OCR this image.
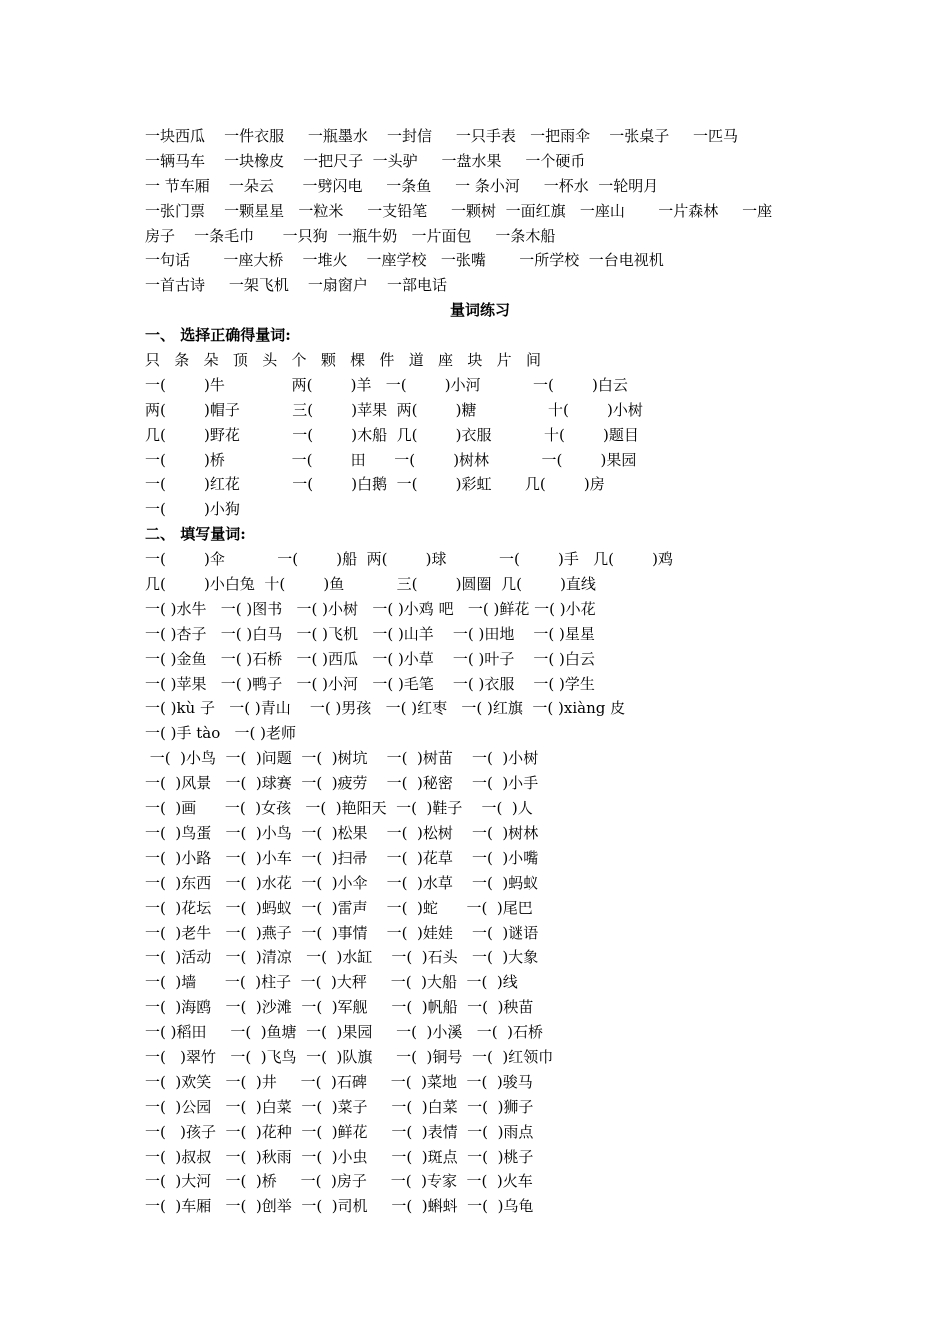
一块西瓜    一件衣服     一瓶墨水    一封信     一只手表   一把雨伞    一张桌子     一匹马
一辆马车    一块橡皮    一把尺子  一头驴     一盘水果     一个硬币
一 节车厢    一朵云      一劈闪电     一条鱼     一 条小河     一杯水  一轮明月
一张门票    一颗星星   一粒米     一支铅笔     一颗树  一面红旗   一座山       一片森林     一座
房子    一条毛巾      一只狗  一瓶牛奶   一片面包     一条木船
一句话       一座大桥    一堆火    一座学校   一张嘴       一所学校  一台电视机
一首古诗     一架飞机    一扇窗户    一部电话
量词练习
一、 选择正确得量词:
只   条   朵   顶   头   个   颗   棵   件   道   座   块   片   间
一(        )牛              两(        )羊   一(        )小河           一(        )白云
两(        )帽子           三(        )苹果  两(        )糖               十(        )小树
几(        )野花           一(        )木船  几(        )衣服           十(        )题目
一(        )桥              一(        田      一(        )树林           一(        )果园
一(        )红花           一(        )白鹅  一(        )彩虹       几(        )房
一(        )小狗
二、 填写量词:
一(        )伞           一(        )船  两(        )球           一(        )手   几(        )鸡
几(        )小白兔  十(        )鱼           三(        )圆圈  几(        )直线
一( )水牛   一( )图书   一( )小树   一( )小鸡 吧   一( )鲜花 一( )小花
一( )杏子   一( )白马   一( )飞机   一( )山羊    一( )田地    一( )星星
一( )金鱼   一( )石桥   一( )西瓜   一( )小草    一( )叶子    一( )白云
一( )苹果   一( )鸭子   一( )小河   一( )毛笔    一( )衣服    一( )学生
一( )kù 子   一( )青山    一( )男孩   一( )红枣   一( )红旗  一( )xiàng 皮
一( )手 tào   一( )老师
一(  )小鸟  一(  )问题  一(  )树坑    一(  )树苗    一(  )小树
一(  )风景   一(  )球赛  一(  )疲劳    一(  )秘密    一(  )小手
一(  )画      一(  )女孩   一(  )艳阳天  一(  )鞋子    一(  )人
一(  )鸟蛋   一(  )小鸟  一(  )松果    一(  )松树    一(  )树林
一(  )小路   一(  )小车  一(  )扫帚    一(  )花草    一(  )小嘴
一(  )东西   一(  )水花  一(  )小伞    一(  )水草    一(  )蚂蚁
一(  )花坛   一(  )蚂蚁  一(  )雷声    一(  )蛇      一(  )尾巴
一(  )老牛   一(  )燕子  一(  )事情    一(  )娃娃    一(  )谜语
一(  )活动   一(  )清凉   一(  )水缸    一(  )石头   一(  )大象
一(  )墙      一(  )柱子  一(  )大秤     一(  )大船  一(  )线
一(  )海鸥   一(  )沙滩  一(  )军舰     一(  )帆船  一(  )秧苗
一( )稻田     一(  )鱼塘  一(  )果园     一(  )小溪   一(  )石桥
一(   )翠竹   一(  )飞鸟  一(  )队旗     一(  )铜号  一(  )红领巾
一(  )欢笑   一(  )井     一(  )石碑     一(  )菜地  一(  )骏马
一(  )公园   一(  )白菜  一(  )菜子     一(  )白菜  一(  )狮子
一(   )孩子  一(  )花种  一(  )鲜花     一(  )表情  一(  )雨点
一(  )叔叔   一(  )秋雨  一(  )小虫     一(  )斑点  一(  )桃子
一(  )大河   一(  )桥     一(  )房子     一(  )专家  一(  )火车
一(  )车厢   一(  )创举  一(  )司机     一(  )蝌蚪  一(  )乌龟
